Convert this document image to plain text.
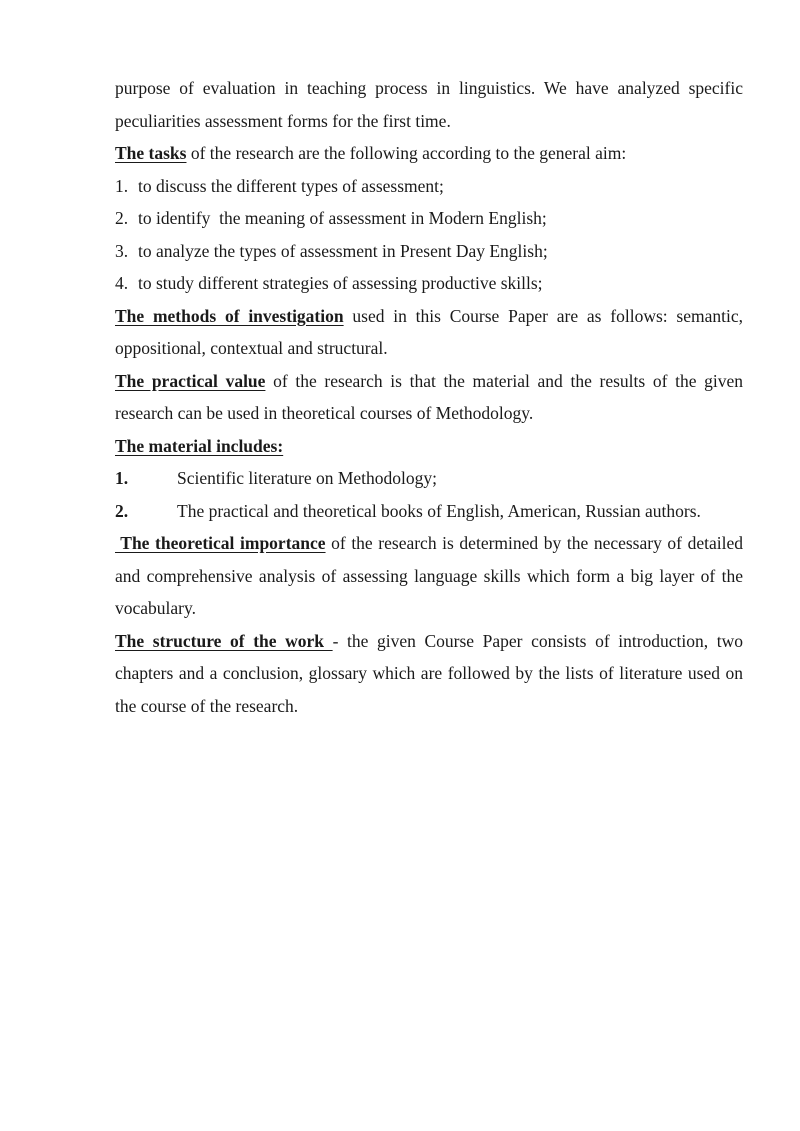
purpose of evaluation in teaching process in linguistics. We have analyzed specific peculiarities assessment forms for the first time.

The tasks of the research are the following according to the general aim:

1. to discuss the different types of assessment;
2. to identify  the meaning of assessment in Modern English;
3. to analyze the types of assessment in Present Day English;
4. to study different strategies of assessing productive skills;

The methods of investigation used in this Course Paper are as follows: semantic, oppositional, contextual and structural.

The practical value of the research is that the material and the results of the given research can be used in theoretical courses of Methodology.

The material includes:

1.	Scientific literature on Methodology;
2.	The practical and theoretical books of English, American, Russian authors.

The theoretical importance of the research is determined by the necessary of detailed and comprehensive analysis of assessing language skills which form a big layer of the vocabulary.

The structure of the work - the given Course Paper consists of introduction, two chapters and a conclusion, glossary which are followed by the lists of literature used on the course of the research.
